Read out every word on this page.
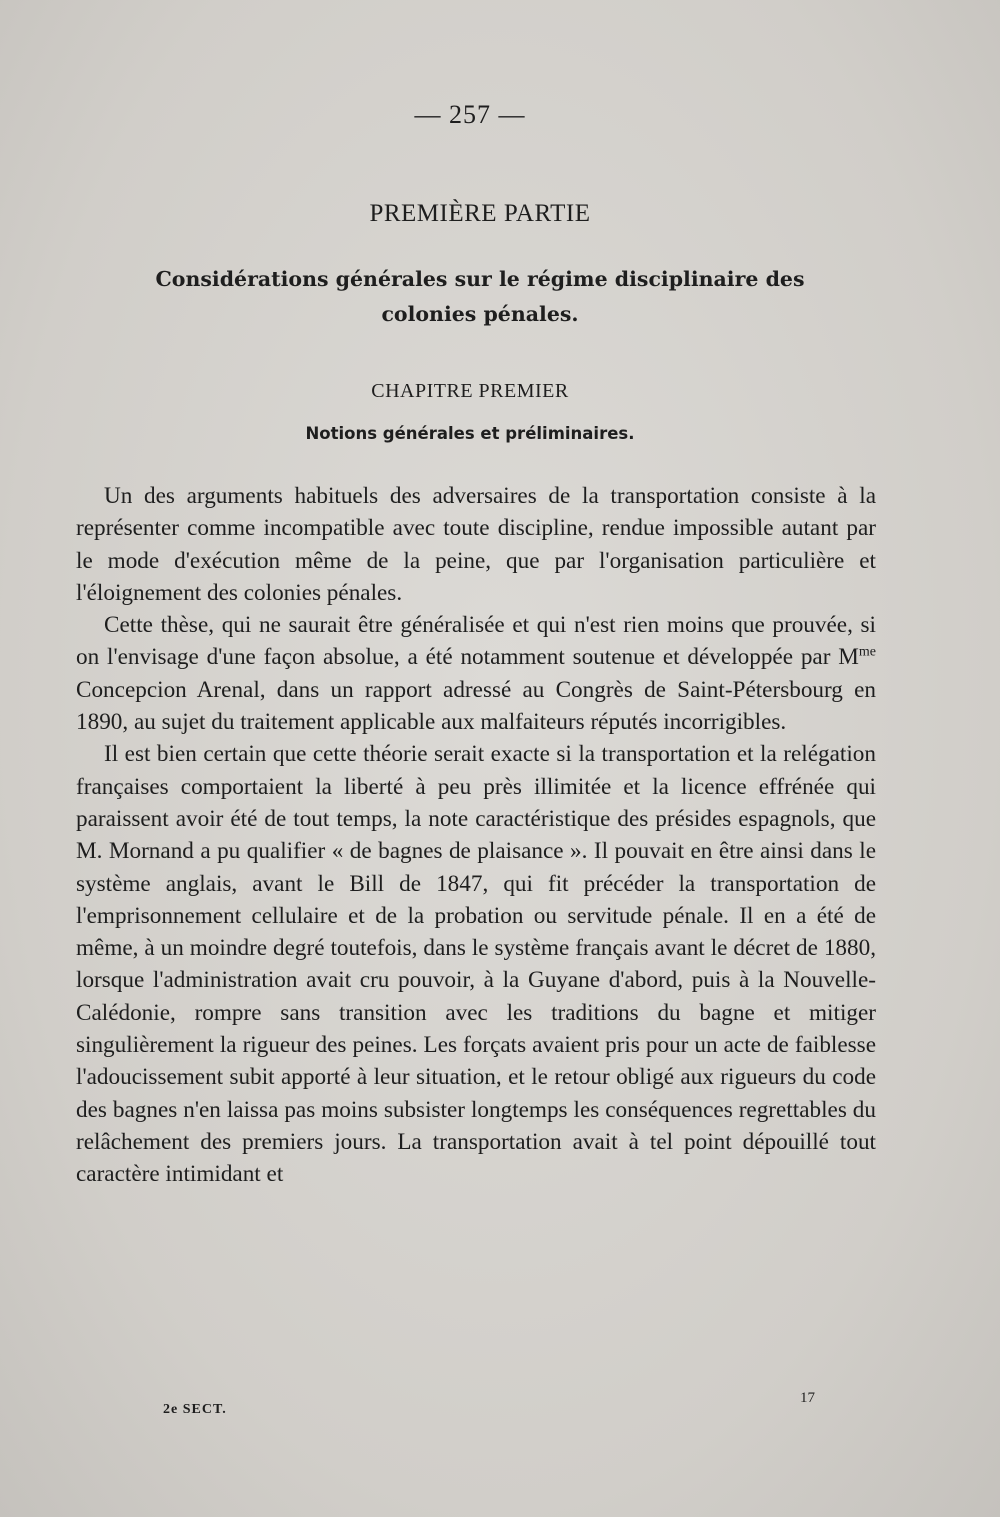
— 257 —
PREMIÈRE PARTIE
Considérations générales sur le régime disciplinaire des colonies pénales.
CHAPITRE PREMIER
Notions générales et préliminaires.

Un des arguments habituels des adversaires de la transportation consiste à la représenter comme incompatible avec toute discipline, rendue impossible autant par le mode d'exécution même de la peine, que par l'organisation particulière et l'éloignement des colonies pénales.

Cette thèse, qui ne saurait être généralisée et qui n'est rien moins que prouvée, si on l'envisage d'une façon absolue, a été notamment soutenue et développée par $M^{me}$ Concepcion Arenal, dans un rapport adressé au Congrès de Saint-Pétersbourg en 1890, au sujet du traitement applicable aux malfaiteurs réputés incorrigibles.

Il est bien certain que cette théorie serait exacte si la transportation et la relégation françaises comportaient la liberté à peu près illimitée et la licence effrénée qui paraissent avoir été de tout temps, la note caractéristique des présides espagnols, que M. Mornand a pu qualifier « de bagnes de plaisance ». Il pouvait en être ainsi dans le système anglais, avant le Bill de 1847, qui fit précéder la transportation de l'emprisonnement cellulaire et de la probation ou servitude pénale. Il en a été de même, à un moindre degré toutefois, dans le système français avant le décret de 1880, lorsque l'administration avait cru pouvoir, à la Guyane d'abord, puis à la Nouvelle-Calédonie, rompre sans transition avec les traditions du bagne et mitiger singulièrement la rigueur des peines. Les forçats avaient pris pour un acte de faiblesse l'adoucissement subit apporté à leur situation, et le retour obligé aux rigueurs du code des bagnes n'en laissa pas moins subsister longtemps les conséquences regrettables du relâchement des premiers jours. La transportation avait à tel point dépouillé tout caractère intimidant et

2e SECT.
17
